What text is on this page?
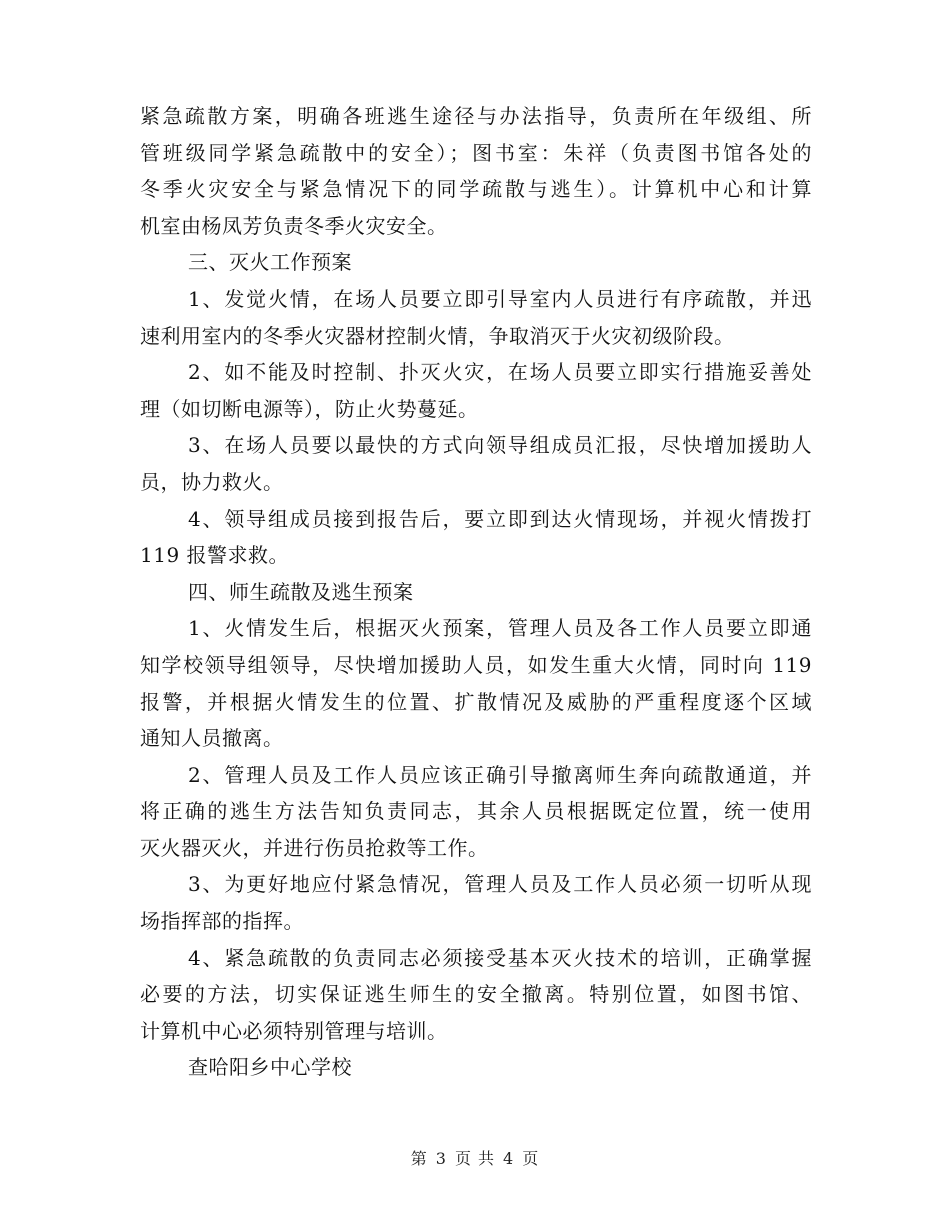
紧急疏散方案，明确各班逃生途径与办法指导，负责所在年级组、所
管班级同学紧急疏散中的安全）；图书室：朱祥（负责图书馆各处的
冬季火灾安全与紧急情况下的同学疏散与逃生）。计算机中心和计算
机室由杨凤芳负责冬季火灾安全。
三、灭火工作预案
1、发觉火情，在场人员要立即引导室内人员进行有序疏散，并迅
速利用室内的冬季火灾器材控制火情，争取消灭于火灾初级阶段。
2、如不能及时控制、扑灭火灾，在场人员要立即实行措施妥善处
理（如切断电源等），防止火势蔓延。
3、在场人员要以最快的方式向领导组成员汇报，尽快增加援助人
员，协力救火。
4、领导组成员接到报告后，要立即到达火情现场，并视火情拨打
119 报警求救。
四、师生疏散及逃生预案
1、火情发生后，根据灭火预案，管理人员及各工作人员要立即通
知学校领导组领导，尽快增加援助人员，如发生重大火情，同时向 119
报警，并根据火情发生的位置、扩散情况及威胁的严重程度逐个区域
通知人员撤离。
2、管理人员及工作人员应该正确引导撤离师生奔向疏散通道，并
将正确的逃生方法告知负责同志，其余人员根据既定位置，统一使用
灭火器灭火，并进行伤员抢救等工作。
3、为更好地应付紧急情况，管理人员及工作人员必须一切听从现
场指挥部的指挥。
4、紧急疏散的负责同志必须接受基本灭火技术的培训，正确掌握
必要的方法，切实保证逃生师生的安全撤离。特别位置，如图书馆、
计算机中心必须特别管理与培训。
查哈阳乡中心学校
第 3 页 共 4 页
